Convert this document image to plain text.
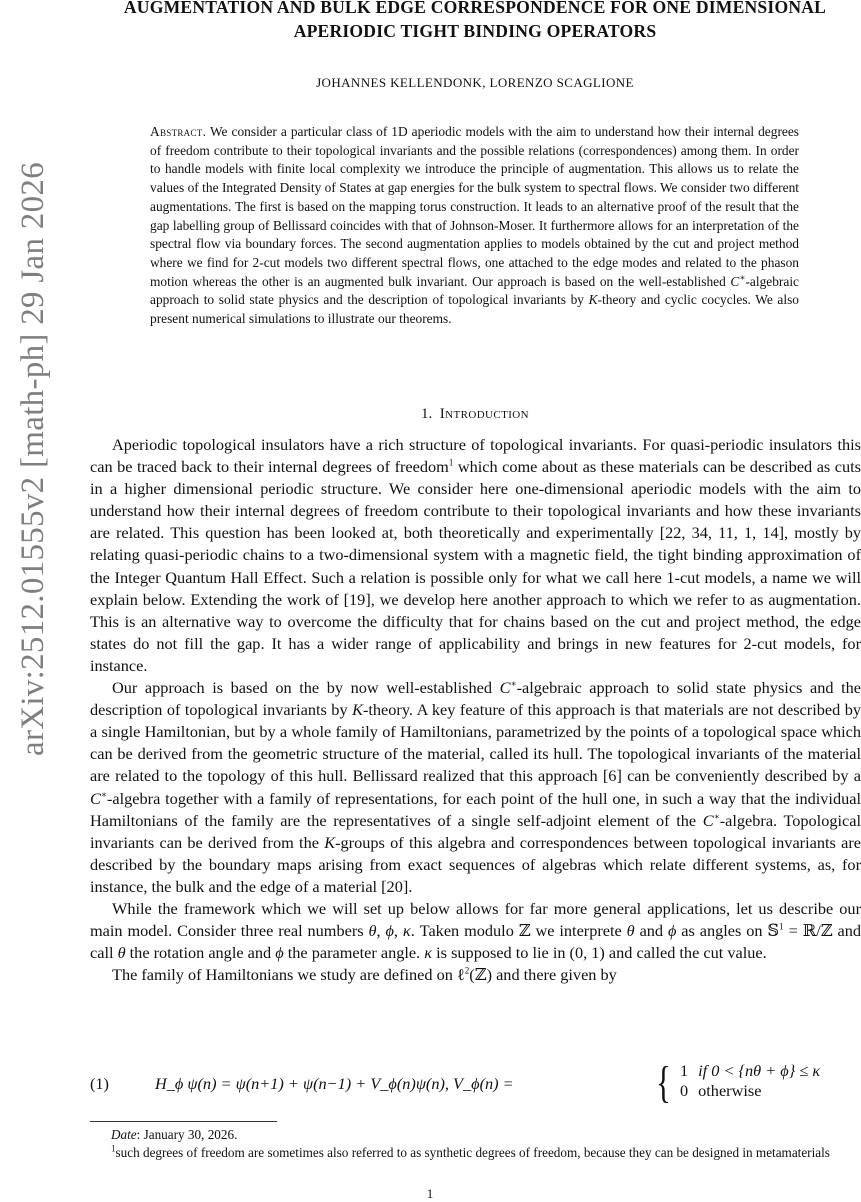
arXiv:2512.01555v2 [math-ph] 29 Jan 2026
AUGMENTATION AND BULK EDGE CORRESPONDENCE FOR ONE DIMENSIONAL
APERIODIC TIGHT BINDING OPERATORS
JOHANNES KELLENDONK, LORENZO SCAGLIONE
Abstract. We consider a particular class of 1D aperiodic models with the aim to understand how their internal degrees of freedom contribute to their topological invariants and the possible relations (correspondences) among them. In order to handle models with finite local complexity we introduce the principle of augmentation. This allows us to relate the values of the Integrated Density of States at gap energies for the bulk system to spectral flows. We consider two different augmentations. The first is based on the mapping torus construction. It leads to an alternative proof of the result that the gap labelling group of Bellissard coincides with that of Johnson-Moser. It furthermore allows for an interpretation of the spectral flow via boundary forces. The second augmentation applies to models obtained by the cut and project method where we find for 2-cut models two different spectral flows, one attached to the edge modes and related to the phason motion whereas the other is an augmented bulk invariant. Our approach is based on the well-established C∗-algebraic approach to solid state physics and the description of topological invariants by K-theory and cyclic cocycles. We also present numerical simulations to illustrate our theorems.
1. Introduction

Aperiodic topological insulators have a rich structure of topological invariants. For quasi-periodic insulators this can be traced back to their internal degrees of freedom$^1$ which come about as these materials can be described as cuts in a higher dimensional periodic structure. We consider here one-dimensional aperiodic models with the aim to understand how their internal degrees of freedom contribute to their topological invariants and how these invariants are related. This question has been looked at, both theoretically and experimentally [22, 34, 11, 1, 14], mostly by relating quasi-periodic chains to a two-dimensional system with a magnetic field, the tight binding approximation of the Integer Quantum Hall Effect. Such a relation is possible only for what we call here 1-cut models, a name we will explain below. Extending the work of [19], we develop here another approach to which we refer to as augmentation. This is an alternative way to overcome the difficulty that for chains based on the cut and project method, the edge states do not fill the gap. It has a wider range of applicability and brings in new features for 2-cut models, for instance.

Our approach is based on the by now well-established C∗-algebraic approach to solid state physics and the description of topological invariants by K-theory. A key feature of this approach is that materials are not described by a single Hamiltonian, but by a whole family of Hamiltonians, parametrized by the points of a topological space which can be derived from the geometric structure of the material, called its hull. The topological invariants of the material are related to the topology of this hull. Bellissard realized that this approach [6] can be conveniently described by a C∗-algebra together with a family of representations, for each point of the hull one, in such a way that the individual Hamiltonians of the family are the representatives of a single self-adjoint element of the C∗-algebra. Topological invariants can be derived from the K-groups of this algebra and correspondences between topological invariants are described by the boundary maps arising from exact sequences of algebras which relate different systems, as, for instance, the bulk and the edge of a material [20].

While the framework which we will set up below allows for far more general applications, let us describe our main model. Consider three real numbers θ, ϕ, κ. Taken modulo ℤ we interprete θ and ϕ as angles on 𝕊$^1$ = ℝ/ℤ and call θ the rotation angle and ϕ the parameter angle. κ is supposed to lie in (0, 1) and called the cut value.

The family of Hamiltonians we study are defined on ℓ$^2$(ℤ) and there given by

(1)	H_ϕ ψ(n) = ψ(n+1) + ψ(n−1) + V_ϕ(n)ψ(n), V_ϕ(n) =	{ 1	if 0 < {nθ + ϕ} ≤ κ
0	otherwise

Date: January 30, 2026.

$^1$such degrees of freedom are sometimes also referred to as synthetic degrees of freedom, because they can be designed in metamaterials

1
